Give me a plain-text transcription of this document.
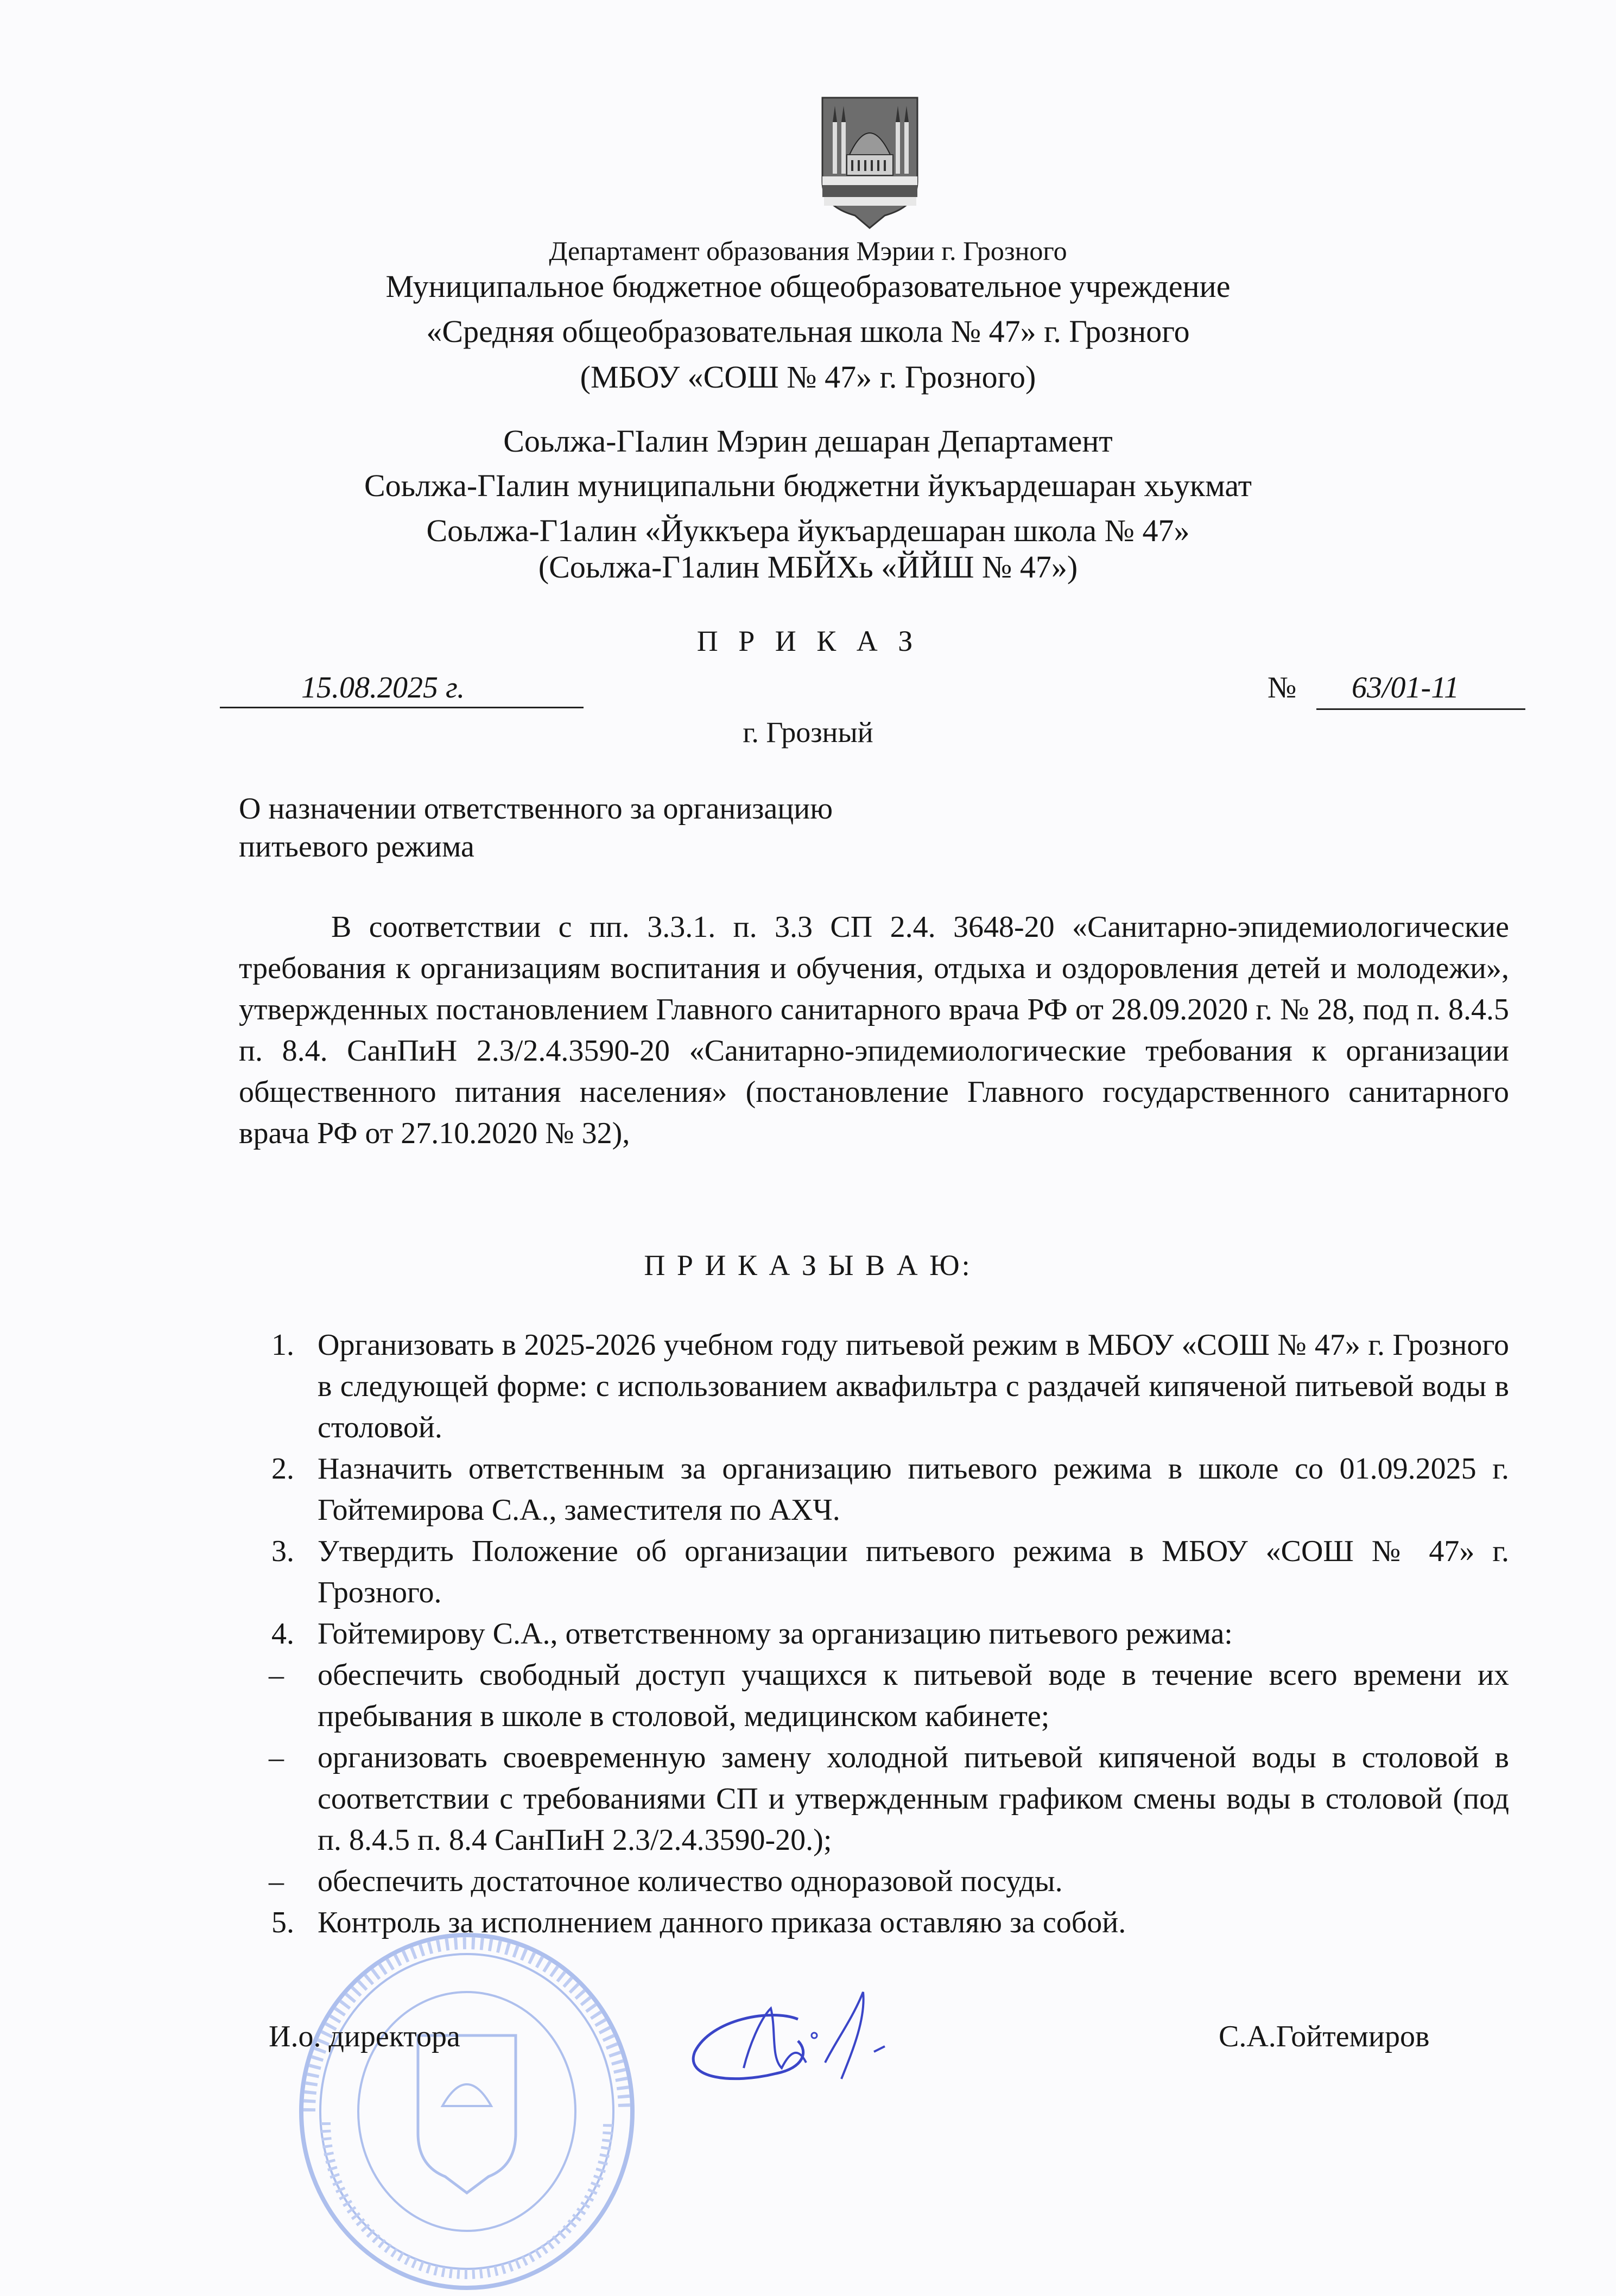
Департамент образования Мэрии г. Грозного
Муниципальное бюджетное общеобразовательное учреждение
«Средняя общеобразовательная школа № 47» г. Грозного
(МБОУ «СОШ № 47» г. Грозного)
Соьлжа-ГІалин Мэрин дешаран Департамент
Соьлжа-ГІалин муниципальни бюджетни йукъардешаран хьукмат
Соьлжа-Г1алин «Йуккъера йукъардешаран школа № 47»
(Соьлжа-Г1алин МБЙХь «ЙЙШ № 47»)
П Р И К А З
15.08.2025 г.	№ 63/01-11
г. Грозный
О назначении ответственного за организацию
питьевого режима
В соответствии с пп. 3.3.1. п. 3.3 СП 2.4. 3648-20 «Санитарно-эпидемиологические требования к организациям воспитания и обучения, отдыха и оздоровления детей и молодежи», утвержденных постановлением Главного санитарного врача РФ от 28.09.2020 г. № 28, под п. 8.4.5 п. 8.4. СанПиН 2.3/2.4.3590-20 «Санитарно-эпидемиологические требования к организации общественного питания населения» (постановление Главного государственного санитарного врача РФ от 27.10.2020 № 32),
П Р И К А З Ы В А Ю:
1. Организовать в 2025-2026 учебном году питьевой режим в МБОУ «СОШ № 47» г. Грозного в следующей форме: с использованием аквафильтра с раздачей кипяченой питьевой воды в столовой.
2. Назначить ответственным за организацию питьевого режима в школе со 01.09.2025 г. Гойтемирова С.А., заместителя по АХЧ.
3. Утвердить Положение об организации питьевого режима в МБОУ «СОШ № 47» г. Грозного.
4. Гойтемирову С.А., ответственному за организацию питьевого режима:
– обеспечить свободный доступ учащихся к питьевой воде в течение всего времени их пребывания в школе в столовой, медицинском кабинете;
– организовать своевременную замену холодной питьевой кипяченой воды в столовой в соответствии с требованиями СП и утвержденным графиком смены воды в столовой (под п. 8.4.5 п. 8.4 СанПиН 2.3/2.4.3590-20.);
– обеспечить достаточное количество одноразовой посуды.
5. Контроль за исполнением данного приказа оставляю за собой.
И.о. директора	С.А.Гойтемиров
